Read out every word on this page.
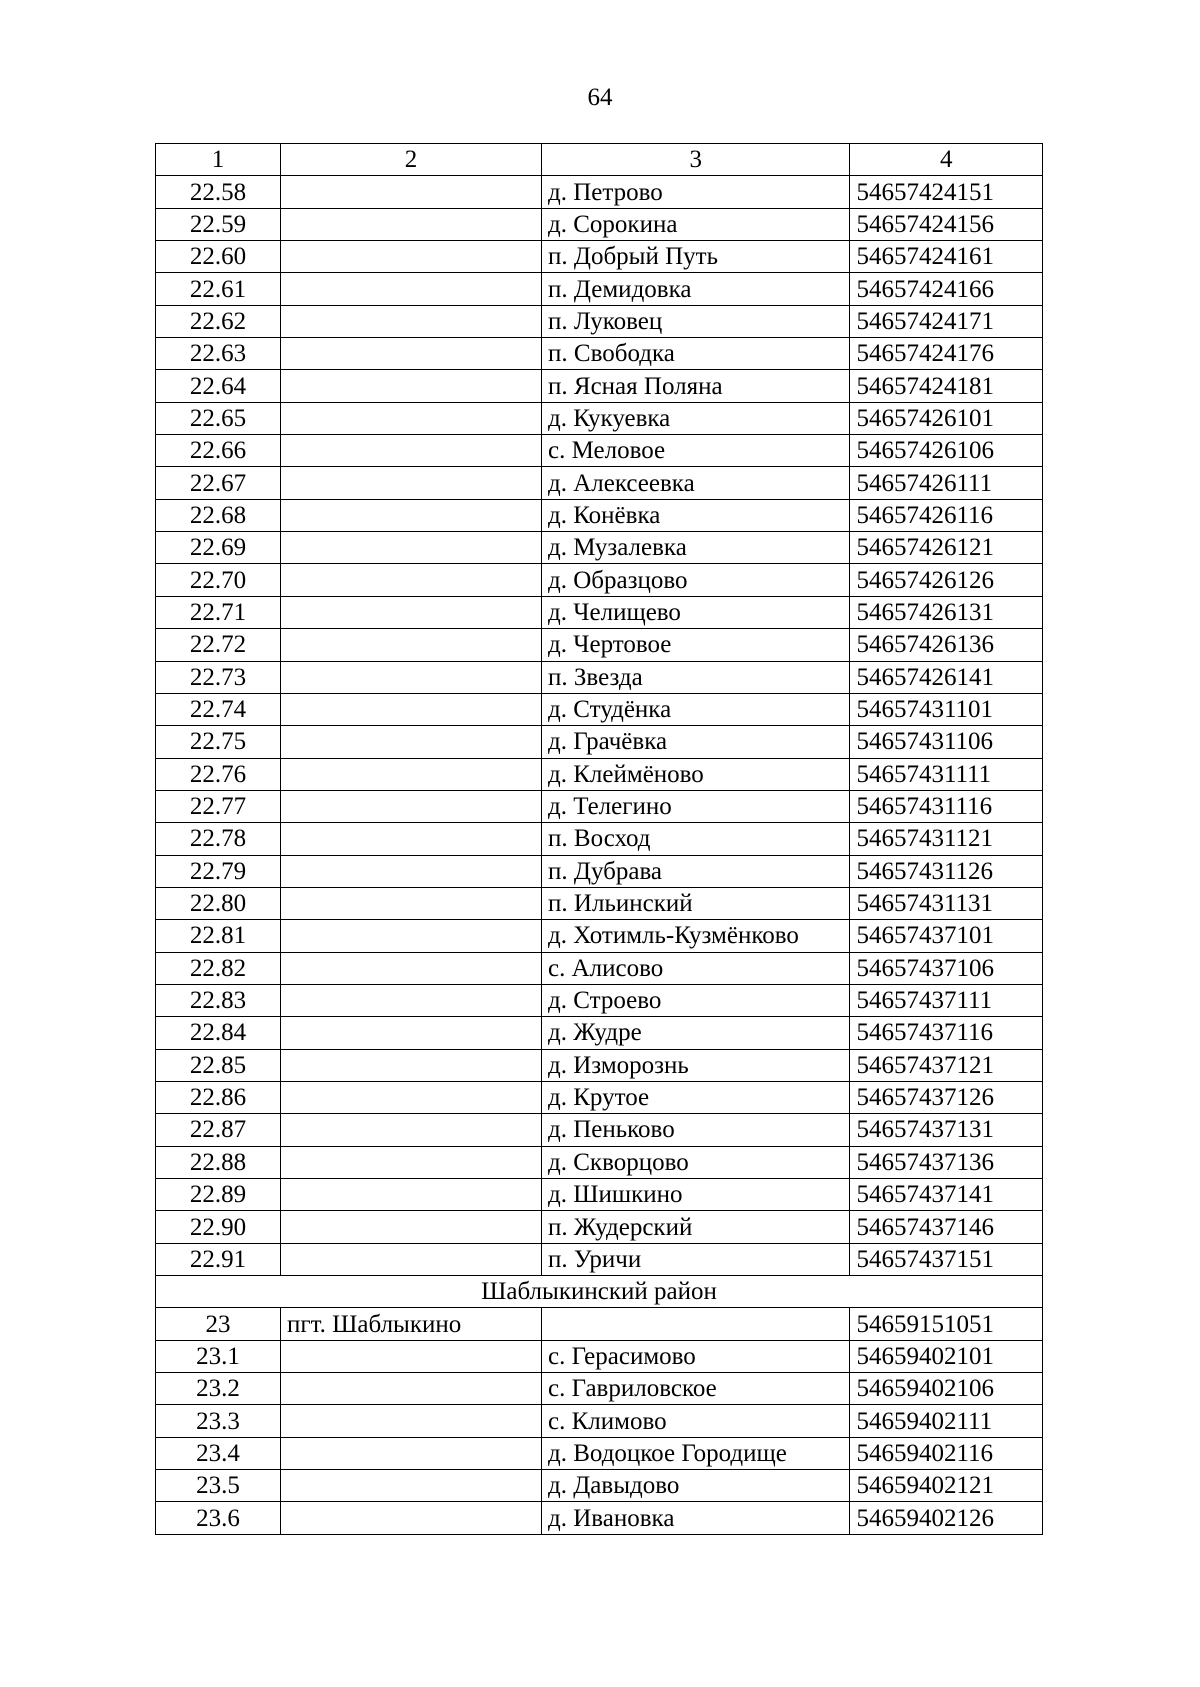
64
1	2	3	4
22.58		д. Петрово	54657424151
22.59		д. Сорокина	54657424156
22.60		п. Добрый Путь	54657424161
22.61		п. Демидовка	54657424166
22.62		п. Луковец	54657424171
22.63		п. Свободка	54657424176
22.64		п. Ясная Поляна	54657424181
22.65		д. Кукуевка	54657426101
22.66		с. Меловое	54657426106
22.67		д. Алексеевка	54657426111
22.68		д. Конёвка	54657426116
22.69		д. Музалевка	54657426121
22.70		д. Образцово	54657426126
22.71		д. Челищево	54657426131
22.72		д. Чертовое	54657426136
22.73		п. Звезда	54657426141
22.74		д. Студёнка	54657431101
22.75		д. Грачёвка	54657431106
22.76		д. Клеймёново	54657431111
22.77		д. Телегино	54657431116
22.78		п. Восход	54657431121
22.79		п. Дубрава	54657431126
22.80		п. Ильинский	54657431131
22.81		д. Хотимль-Кузмёнково	54657437101
22.82		с. Алисово	54657437106
22.83		д. Строево	54657437111
22.84		д. Жудре	54657437116
22.85		д. Изморознь	54657437121
22.86		д. Крутое	54657437126
22.87		д. Пеньково	54657437131
22.88		д. Скворцово	54657437136
22.89		д. Шишкино	54657437141
22.90		п. Жудерский	54657437146
22.91		п. Уричи	54657437151
Шаблыкинский район			
23	пгт. Шаблыкино		54659151051
23.1		с. Герасимово	54659402101
23.2		с. Гавриловское	54659402106
23.3		с. Климово	54659402111
23.4		д. Водоцкое Городище	54659402116
23.5		д. Давыдово	54659402121
23.6		д. Ивановка	54659402126
